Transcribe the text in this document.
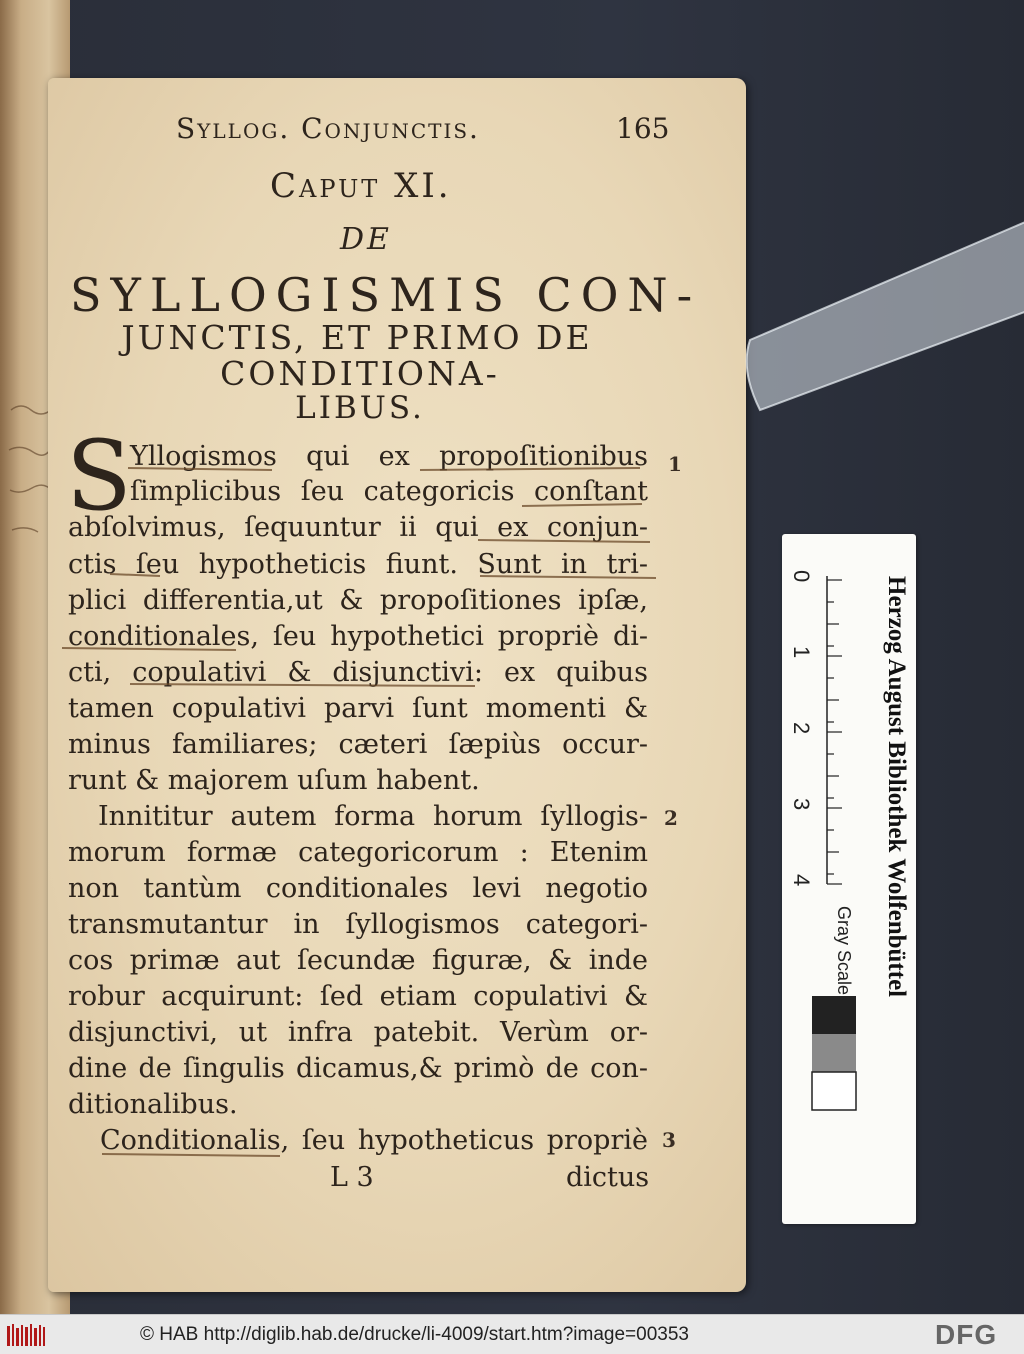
Syllog. Conjunctis.	165
Caput XI.
DE
SYLLOGISMIS CON-
JUNCTIS, ET PRIMO DE
CONDITIONA-
LIBUS.
S
Yllogismos qui ex propoſitionibus
ſimplicibus ſeu categoricis conſtant
abſolvimus, ſequuntur ii qui ex conjun-
ctis ſeu hypotheticis fiunt. Sunt in tri-
plici differentia,ut & propoſitiones ipſæ,
conditionales, ſeu hypothetici propriè di-
cti, copulativi & disjunctivi: ex quibus
tamen copulativi parvi ſunt momenti &
minus familiares; cæteri ſæpiùs occur-
runt & majorem uſum habent.
Innititur autem forma horum ſyllogis-
morum formæ categoricorum : Etenim
non tantùm conditionales levi negotio
transmutantur in ſyllogismos categori-
cos primæ aut ſecundæ figuræ, & inde
robur acquirunt: ſed etiam copulativi &
disjunctivi, ut infra patebit. Verùm or-
dine de ſingulis dicamus,& primò de con-
ditionalibus.
Conditionalis, ſeu hypotheticus propriè
1
2
3
L 3	dictus
0
1
2
3
4	Herzog August Bibliothek Wolfenbüttel
Gray Scale
© HAB http://diglib.hab.de/drucke/li-4009/start.htm?image=00353	DFG
